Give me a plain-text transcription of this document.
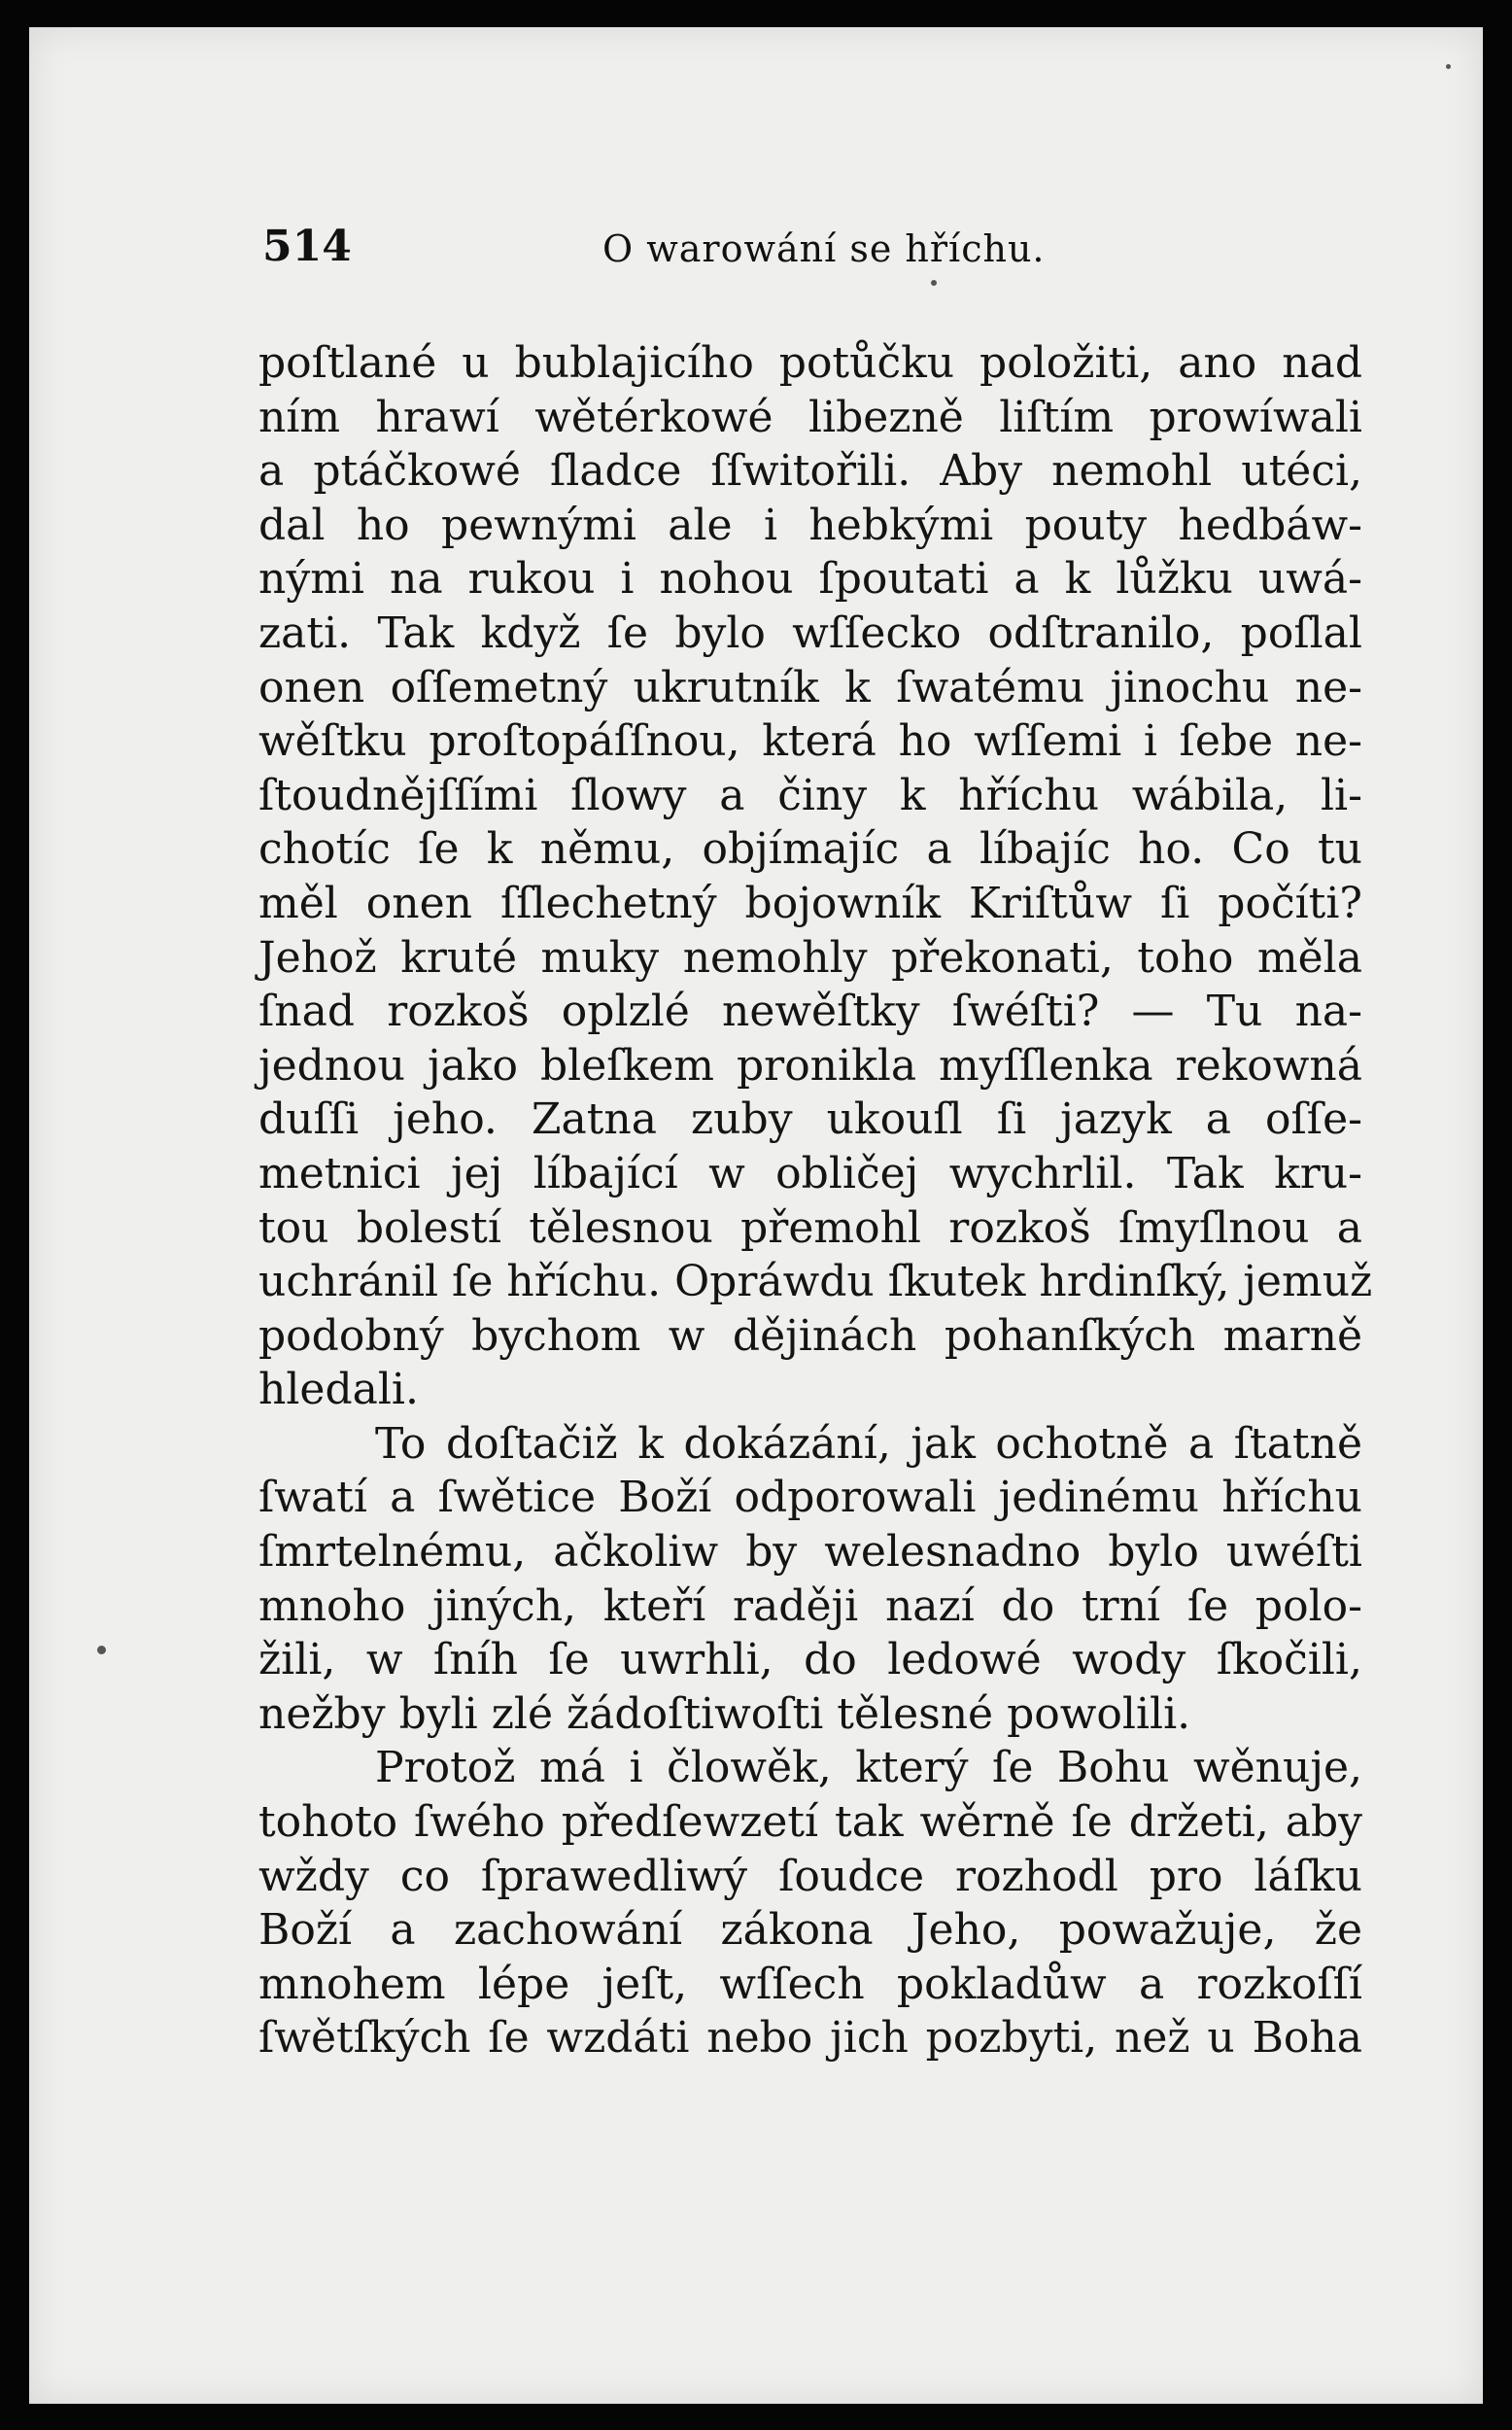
514	O warowání se hříchu.
poſtlané u bublajicího potůčku položiti, ano nad
ním hrawí wětérkowé libezně liſtím prowíwali
a ptáčkowé ſladce ſſwitořili. Aby nemohl utéci,
dal ho pewnými ale i hebkými pouty hedbáw-
nými na rukou i nohou ſpoutati a k lůžku uwá-
zati. Tak když ſe bylo wſſecko odſtranilo, poſlal
onen oſſemetný ukrutník k ſwatému jinochu ne-
wěſtku proſtopáſſnou, která ho wſſemi i ſebe ne-
ſtoudnějſſími ſlowy a činy k hříchu wábila, li-
chotíc ſe k němu, objímajíc a líbajíc ho. Co tu
měl onen ſſlechetný bojowník Kriſtůw ſi počíti?
Jehož kruté muky nemohly překonati, toho měla
ſnad rozkoš oplzlé newěſtky ſwéſti? — Tu na-
jednou jako bleſkem pronikla myſſlenka rekowná
duſſi jeho. Zatna zuby ukouſl ſi jazyk a oſſe-
metnici jej líbající w obličej wychrlil. Tak kru-
tou bolestí tělesnou přemohl rozkoš ſmyſlnou a
uchránil ſe hříchu. Opráwdu ſkutek hrdinſký, jemuž
podobný bychom w dějinách pohanſkých marně
hledali.
To doſtačiž k dokázání, jak ochotně a ſtatně
ſwatí a ſwětice Boží odporowali jedinému hříchu
ſmrtelnému, ačkoliw by welesnadno bylo uwéſti
mnoho jiných, kteří raději nazí do trní ſe polo-
žili, w ſníh ſe uwrhli, do ledowé wody ſkočili,
nežby byli zlé žádoſtiwoſti tělesné powolili.
Protož má i člowěk, který ſe Bohu wěnuje,
tohoto ſwého předſewzetí tak wěrně ſe držeti, aby
wždy co ſprawedliwý ſoudce rozhodl pro láſku
Boží a zachowání zákona Jeho, powažuje, že
mnohem lépe jeſt, wſſech pokladůw a rozkoſſí
ſwětſkých ſe wzdáti nebo jich pozbyti, než u Boha
